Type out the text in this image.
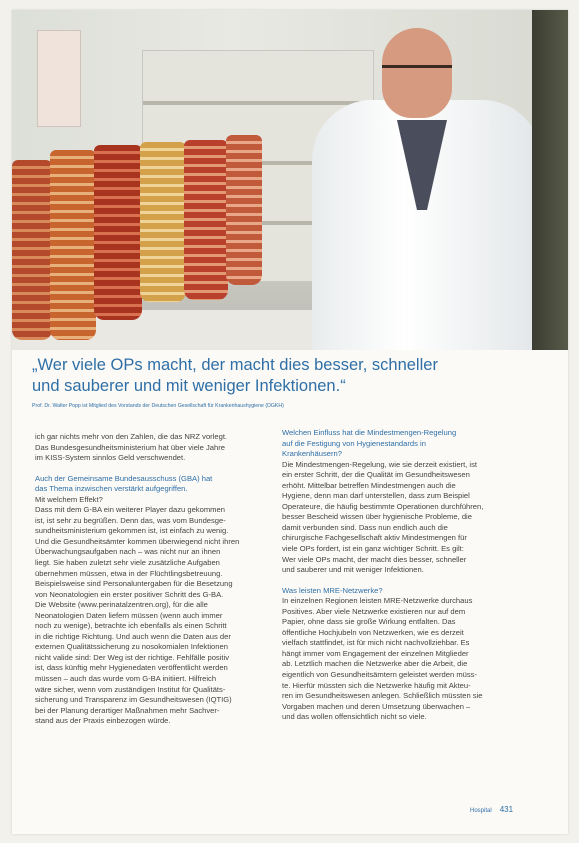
„Wer viele OPs macht, der macht dies besser, schneller
und sauberer und mit weniger Infektionen.“
Prof. Dr. Walter Popp ist Mitglied des Vorstands der Deutschen Gesellschaft für Krankenhaushygiene (DGKH)

ich gar nichts mehr von den Zahlen, die das NRZ vorlegt.

Das Bundesgesundheitsministerium hat über viele Jahre

im KISS-System sinnlos Geld verschwendet.

Auch der Gemeinsame Bundesausschuss (GBA) hat

das Thema inzwischen verstärkt aufgegriffen.

Mit welchem Effekt?

Dass mit dem G-BA ein weiterer Player dazu gekommen

ist, ist sehr zu begrüßen. Denn das, was vom Bundesge-

sundheitsministerium gekommen ist, ist einfach zu wenig.

Und die Gesundheitsämter kommen überwiegend nicht ihren

Überwachungsaufgaben nach – was nicht nur an ihnen

liegt. Sie haben zuletzt sehr viele zusätzliche Aufgaben

übernehmen müssen, etwa in der Flüchtlingsbetreuung.

Beispielsweise sind Personaluntergaben für die Besetzung

von Neonatologien ein erster positiver Schritt des G-BA.

Die Website (www.perinatalzentren.org), für die alle

Neonatologien Daten liefern müssen (wenn auch immer

noch zu wenige), betrachte ich ebenfalls als einen Schritt

in die richtige Richtung. Und auch wenn die Daten aus der

externen Qualitätssicherung zu nosokomialen Infektionen

nicht valide sind: Der Weg ist der richtige. Fehlfälle positiv

ist, dass künftig mehr Hygienedaten veröffentlicht werden

müssen – auch das wurde vom G-BA initiiert. Hilfreich

wäre sicher, wenn vom zuständigen Institut für Qualitäts-

sicherung und Transparenz im Gesundheitswesen (IQTIG)

bei der Planung derartiger Maßnahmen mehr Sachver-

stand aus der Praxis einbezogen würde.

Welchen Einfluss hat die Mindestmengen-Regelung

auf die Festigung von Hygienestandards in

Krankenhäusern?

Die Mindestmengen-Regelung, wie sie derzeit existiert, ist

ein erster Schritt, der die Qualität im Gesundheitswesen

erhöht. Mittelbar betreffen Mindestmengen auch die

Hygiene, denn man darf unterstellen, dass zum Beispiel

Operateure, die häufig bestimmte Operationen durchführen,

besser Bescheid wissen über hygienische Probleme, die

damit verbunden sind. Dass nun endlich auch die

chirurgische Fachgesellschaft aktiv Mindestmengen für

viele OPs fordert, ist ein ganz wichtiger Schritt. Es gilt:

Wer viele OPs macht, der macht dies besser, schneller

und sauberer und mit weniger Infektionen.

Was leisten MRE-Netzwerke?

In einzelnen Regionen leisten MRE-Netzwerke durchaus

Positives. Aber viele Netzwerke existieren nur auf dem

Papier, ohne dass sie große Wirkung entfalten. Das

öffentliche Hochjubeln von Netzwerken, wie es derzeit

vielfach stattfindet, ist für mich nicht nachvollziehbar. Es

hängt immer vom Engagement der einzelnen Mitglieder

ab. Letztlich machen die Netzwerke aber die Arbeit, die

eigentlich von Gesundheitsämtern geleistet werden müss-

te. Hierfür müssten sich die Netzwerke häufig mit Akteu-

ren im Gesundheitswesen anlegen. Schließlich müssten sie

Vorgaben machen und deren Umsetzung überwachen –

und das wollen offensichtlich nicht so viele.

Hospital 431
